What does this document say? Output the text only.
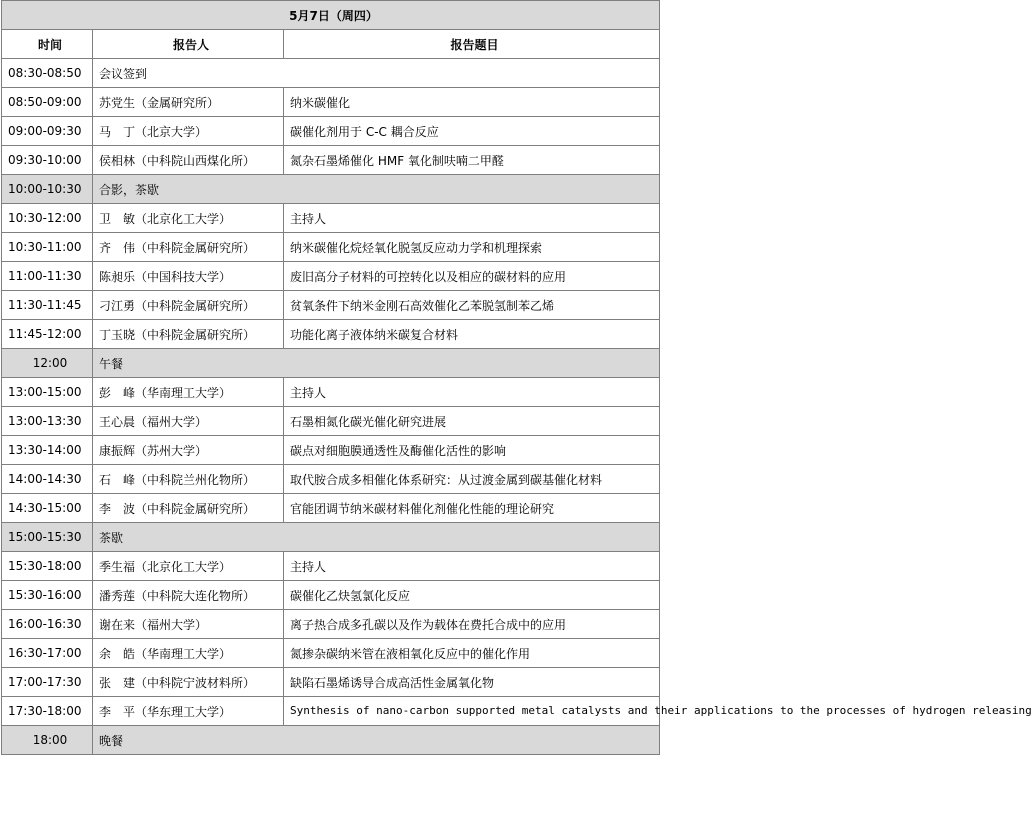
5月7日（周四）		
时间	报告人	报告题目
08:30-08:50	会议签到	
08:50-09:00	苏党生（金属研究所）	纳米碳催化
09:00-09:30	马　丁（北京大学）	碳催化剂用于 C-C 耦合反应
09:30-10:00	侯相林（中科院山西煤化所）	氮杂石墨烯催化 HMF 氧化制呋喃二甲醛
10:00-10:30	合影，茶歇	
10:30-12:00	卫　敏（北京化工大学）	主持人
10:30-11:00	齐　伟（中科院金属研究所）	纳米碳催化烷烃氧化脱氢反应动力学和机理探索
11:00-11:30	陈昶乐（中国科技大学）	废旧高分子材料的可控转化以及相应的碳材料的应用
11:30-11:45	刁江勇（中科院金属研究所）	贫氧条件下纳米金刚石高效催化乙苯脱氢制苯乙烯
11:45-12:00	丁玉晓（中科院金属研究所）	功能化离子液体纳米碳复合材料
12:00	午餐	
13:00-15:00	彭　峰（华南理工大学）	主持人
13:00-13:30	王心晨（福州大学）	石墨相氮化碳光催化研究进展
13:30-14:00	康振辉（苏州大学）	碳点对细胞膜通透性及酶催化活性的影响
14:00-14:30	石　峰（中科院兰州化物所）	取代胺合成多相催化体系研究：从过渡金属到碳基催化材料
14:30-15:00	李　波（中科院金属研究所）	官能团调节纳米碳材料催化剂催化性能的理论研究
15:00-15:30	茶歇	
15:30-18:00	季生福（北京化工大学）	主持人
15:30-16:00	潘秀莲（中科院大连化物所）	碳催化乙炔氢氯化反应
16:00-16:30	谢在来（福州大学）	离子热合成多孔碳以及作为载体在费托合成中的应用
16:30-17:00	余　皓（华南理工大学）	氮掺杂碳纳米管在液相氧化反应中的催化作用
17:00-17:30	张　建（中科院宁波材料所）	缺陷石墨烯诱导合成高活性金属氧化物
17:30-18:00	李　平（华东理工大学）	Synthesis of nano-carbon supported metal catalysts and their applications to the processes of hydrogen releasing
18:00	晚餐	
